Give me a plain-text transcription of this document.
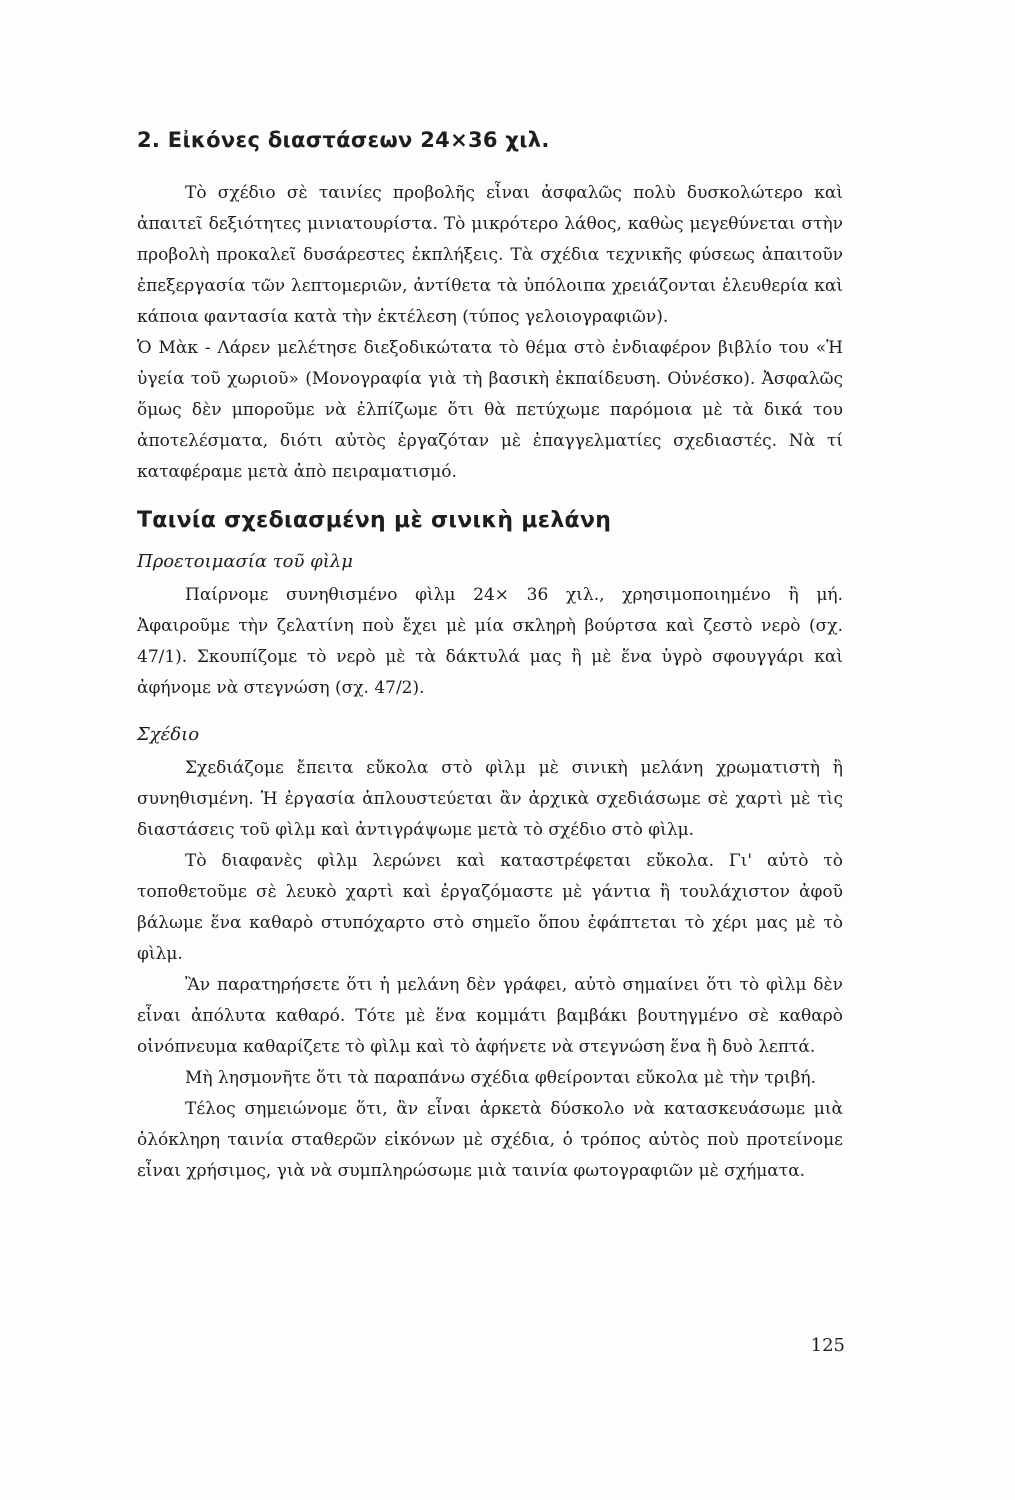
2. Εἰκόνες διαστάσεων 24×36 χιλ.

Τὸ σχέδιο σὲ ταινίες προβολῆς εἶναι ἀσφαλῶς πολὺ δυσκολώτερο καὶ ἀπαιτεῖ δεξιότητες μινιατουρίστα. Τὸ μικρότερο λάθος, καθὼς μεγεθύνεται στὴν προβολὴ προκαλεῖ δυσάρεστες ἐκπλήξεις. Τὰ σχέδια τεχνικῆς φύσεως ἀπαιτοῦν ἐπεξεργασία τῶν λεπτομεριῶν, ἀντίθετα τὰ ὑπόλοιπα χρειάζονται ἐλευθερία καὶ κάποια φαντασία κατὰ τὴν ἐκτέλεση (τύπος γελοιογραφιῶν).

Ὁ Μὰκ - Λάρεν μελέτησε διεξοδικώτατα τὸ θέμα στὸ ἐνδιαφέρον βιβλίο του «Ἡ ὑγεία τοῦ χωριοῦ» (Μονογραφία γιὰ τὴ βασικὴ ἐκπαίδευση. Οὐνέσκο). Ἀσφαλῶς ὅμως δὲν μποροῦμε νὰ ἐλπίζωμε ὅτι θὰ πετύχωμε παρόμοια μὲ τὰ δικά του ἀποτελέσματα, διότι αὐτὸς ἐργαζόταν μὲ ἐπαγγελματίες σχεδιαστές. Νὰ τί καταφέραμε μετὰ ἀπὸ πειραματισμό.

Ταινία σχεδιασμένη μὲ σινικὴ μελάνη
Προετοιμασία τοῦ φὶλμ

Παίρνομε συνηθισμένο φὶλμ 24× 36 χιλ., χρησιμοποιημένο ἢ μή. Ἀφαιροῦμε τὴν ζελατίνη ποὺ ἔχει μὲ μία σκληρὴ βούρτσα καὶ ζεστὸ νερὸ (σχ. 47/1). Σκουπίζομε τὸ νερὸ μὲ τὰ δάκτυλά μας ἢ μὲ ἕνα ὑγρὸ σφουγγάρι καὶ ἀφήνομε νὰ στεγνώση (σχ. 47/2).

Σχέδιο

Σχεδιάζομε ἔπειτα εὔκολα στὸ φὶλμ μὲ σινικὴ μελάνη χρωματιστὴ ἢ συνηθισμένη. Ἡ ἐργασία ἁπλουστεύεται ἂν ἀρχικὰ σχεδιάσωμε σὲ χαρτὶ μὲ τὶς διαστάσεις τοῦ φὶλμ καὶ ἀντιγράψωμε μετὰ τὸ σχέδιο στὸ φὶλμ.

Τὸ διαφανὲς φὶλμ λερώνει καὶ καταστρέφεται εὔκολα. Γι' αὐτὸ τὸ τοποθετοῦμε σὲ λευκὸ χαρτὶ καὶ ἐργαζόμαστε μὲ γάντια ἢ τουλάχιστον ἀφοῦ βάλωμε ἕνα καθαρὸ στυπόχαρτο στὸ σημεῖο ὅπου ἐφάπτεται τὸ χέρι μας μὲ τὸ φὶλμ.

Ἂν παρατηρήσετε ὅτι ἡ μελάνη δὲν γράφει, αὐτὸ σημαίνει ὅτι τὸ φὶλμ δὲν εἶναι ἀπόλυτα καθαρό. Τότε μὲ ἕνα κομμάτι βαμβάκι βουτηγμένο σὲ καθαρὸ οἰνόπνευμα καθαρίζετε τὸ φὶλμ καὶ τὸ ἀφήνετε νὰ στεγνώση ἕνα ἢ δυὸ λεπτά.

Μὴ λησμονῆτε ὅτι τὰ παραπάνω σχέδια φθείρονται εὔκολα μὲ τὴν τριβή.

Τέλος σημειώνομε ὅτι, ἂν εἶναι ἀρκετὰ δύσκολο νὰ κατασκευάσωμε μιὰ ὁλόκληρη ταινία σταθερῶν εἰκόνων μὲ σχέδια, ὁ τρόπος αὐτὸς ποὺ προτείνομε εἶναι χρήσιμος, γιὰ νὰ συμπληρώσωμε μιὰ ταινία φωτογραφιῶν μὲ σχήματα.

125
